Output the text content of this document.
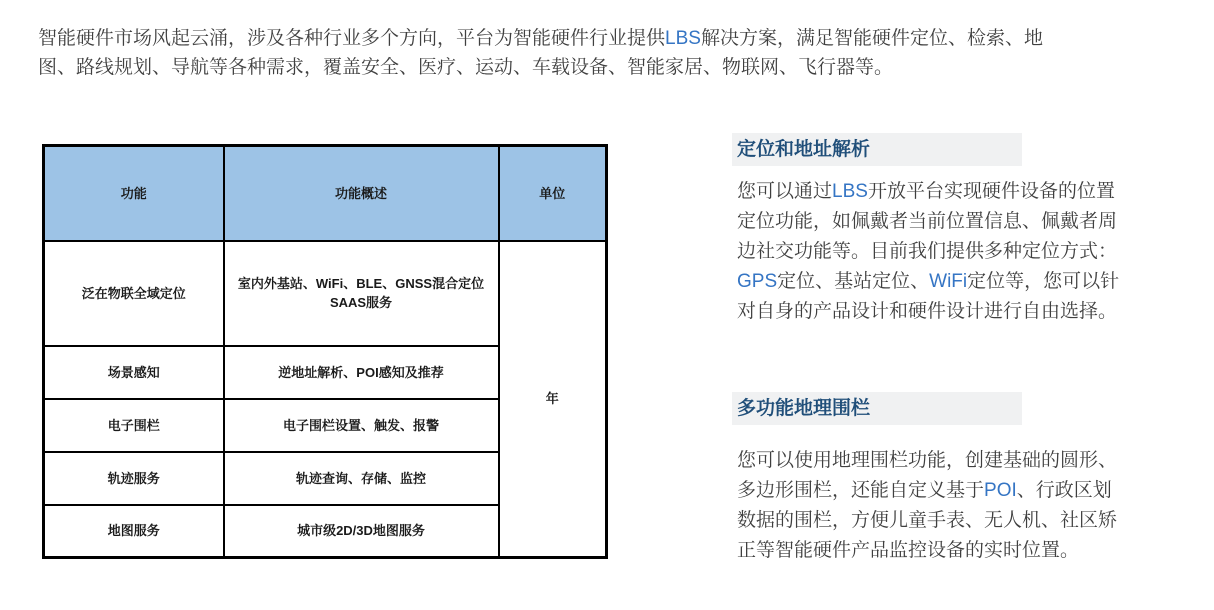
智能硬件市场风起云涌，涉及各种行业多个方向，平台为智能硬件行业提供LBS解决方案，满足智能硬件定位、检索、地图、路线规划、导航等各种需求，覆盖安全、医疗、运动、车载设备、智能家居、物联网、飞行器等。

功能	功能概述	单位
泛在物联全域定位	室内外基站、WiFi、BLE、GNSS混合定位SAAS服务	年
场景感知	逆地址解析、POI感知及推荐	
电子围栏	电子围栏设置、触发、报警	
轨迹服务	轨迹查询、存储、监控	
地图服务	城市级2D/3D地图服务	
定位和地址解析

您可以通过LBS开放平台实现硬件设备的位置定位功能，如佩戴者当前位置信息、佩戴者周边社交功能等。目前我们提供多种定位方式：GPS定位、基站定位、WiFi定位等，您可以针对自身的产品设计和硬件设计进行自由选择。

多功能地理围栏

您可以使用地理围栏功能，创建基础的圆形、多边形围栏，还能自定义基于POI、行政区划数据的围栏，方便儿童手表、无人机、社区矫正等智能硬件产品监控设备的实时位置。
